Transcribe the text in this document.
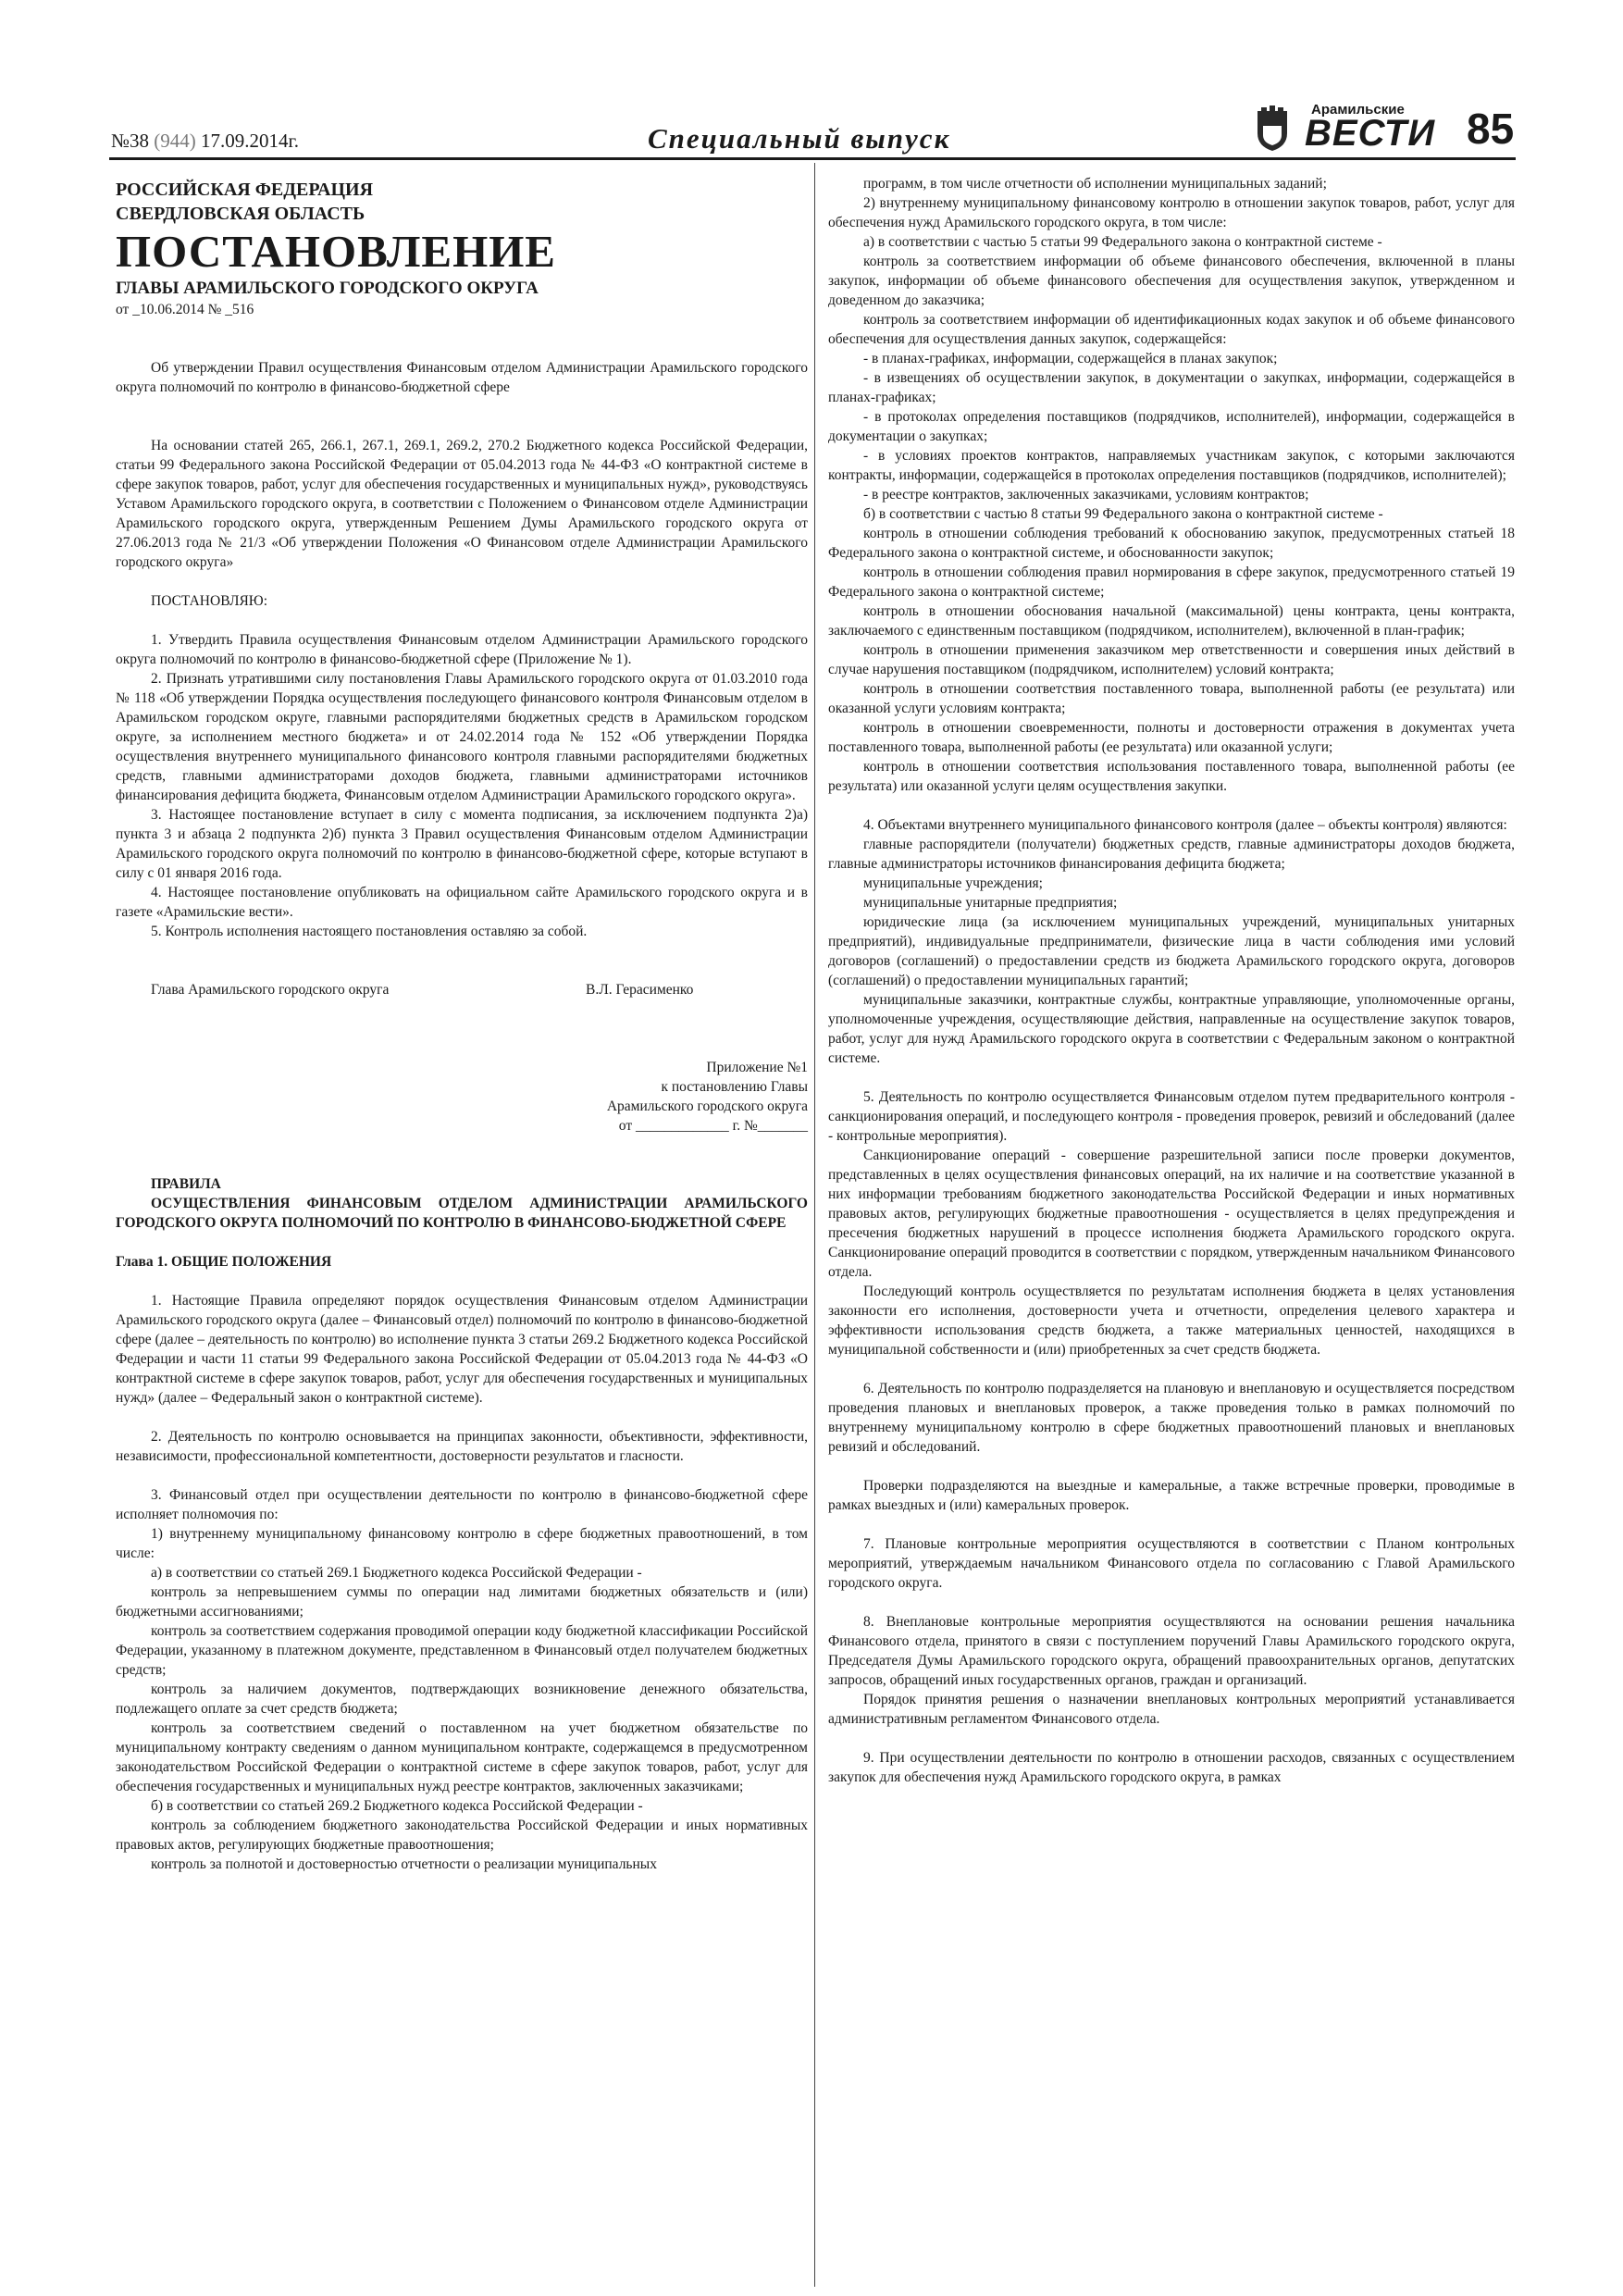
№38 (944) 17.09.2014г.	Специальный выпуск
Арамильские
ВЕСТИ 85

РОССИЙСКАЯ ФЕДЕРАЦИЯ

СВЕРДЛОВСКАЯ ОБЛАСТЬ

ПОСТАНОВЛЕНИЕ

ГЛАВЫ АРАМИЛЬСКОГО ГОРОДСКОГО ОКРУГА

от _10.06.2014 № _516

Об утверждении Правил осуществления Финансовым отделом Администрации Арамильского городского округа полномочий по контролю в финансово-бюджетной сфере

На основании статей 265, 266.1, 267.1, 269.1, 269.2, 270.2 Бюджетного кодекса Российской Федерации, статьи 99 Федерального закона Российской Федерации от 05.04.2013 года № 44-ФЗ «О контрактной системе в сфере закупок товаров, работ, услуг для обеспечения государственных и муниципальных нужд», руководствуясь Уставом Арамильского городского округа, в соответствии с Положением о Финансовом отделе Администрации Арамильского городского округа, утвержденным Решением Думы Арамильского городского округа от 27.06.2013 года № 21/3 «Об утверждении Положения «О Финансовом отделе Администрации Арамильского городского округа»

ПОСТАНОВЛЯЮ:

1. Утвердить Правила осуществления Финансовым отделом Администрации Арамильского городского округа полномочий по контролю в финансово-бюджетной сфере (Приложение № 1).

2. Признать утратившими силу постановления Главы Арамильского городского округа от 01.03.2010 года № 118 «Об утверждении Порядка осуществления последующего финансового контроля Финансовым отделом в Арамильском городском округе, главными распорядителями бюджетных средств в Арамильском городском округе, за исполнением местного бюджета» и от 24.02.2014 года № 152 «Об утверждении Порядка осуществления внутреннего муниципального финансового контроля главными распорядителями бюджетных средств, главными администраторами доходов бюджета, главными администраторами источников финансирования дефицита бюджета, Финансовым отделом Администрации Арамильского городского округа».

3. Настоящее постановление вступает в силу с момента подписания, за исключением подпункта 2)а) пункта 3 и абзаца 2 подпункта 2)б) пункта 3 Правил осуществления Финансовым отделом Администрации Арамильского городского округа полномочий по контролю в финансово-бюджетной сфере, которые вступают в силу с 01 января 2016 года.

4. Настоящее постановление опубликовать на официальном сайте Арамильского городского округа и в газете «Арамильские вести».

5. Контроль исполнения настоящего постановления оставляю за собой.

Глава Арамильского городского округа	В.Л. Герасименко
Приложение №1
к постановлению Главы
Арамильского городского округа
от _____________ г. №_______

ПРАВИЛА

ОСУЩЕСТВЛЕНИЯ ФИНАНСОВЫМ ОТДЕЛОМ АДМИНИСТРАЦИИ АРАМИЛЬСКОГО ГОРОДСКОГО ОКРУГА ПОЛНОМОЧИЙ ПО КОНТРОЛЮ В ФИНАНСОВО-БЮДЖЕТНОЙ СФЕРЕ

Глава 1. ОБЩИЕ ПОЛОЖЕНИЯ

1. Настоящие Правила определяют порядок осуществления Финансовым отделом Администрации Арамильского городского округа (далее – Финансовый отдел) полномочий по контролю в финансово-бюджетной сфере (далее – деятельность по контролю) во исполнение пункта 3 статьи 269.2 Бюджетного кодекса Российской Федерации и части 11 статьи 99 Федерального закона Российской Федерации от 05.04.2013 года № 44-ФЗ «О контрактной системе в сфере закупок товаров, работ, услуг для обеспечения государственных и муниципальных нужд» (далее – Федеральный закон о контрактной системе).

2. Деятельность по контролю основывается на принципах законности, объективности, эффективности, независимости, профессиональной компетентности, достоверности результатов и гласности.

3. Финансовый отдел при осуществлении деятельности по контролю в финансово-бюджетной сфере исполняет полномочия по:

1) внутреннему муниципальному финансовому контролю в сфере бюджетных правоотношений, в том числе:

а) в соответствии со статьей 269.1 Бюджетного кодекса Российской Федерации -

контроль за непревышением суммы по операции над лимитами бюджетных обязательств и (или) бюджетными ассигнованиями;

контроль за соответствием содержания проводимой операции коду бюджетной классификации Российской Федерации, указанному в платежном документе, представленном в Финансовый отдел получателем бюджетных средств;

контроль за наличием документов, подтверждающих возникновение денежного обязательства, подлежащего оплате за счет средств бюджета;

контроль за соответствием сведений о поставленном на учет бюджетном обязательстве по муниципальному контракту сведениям о данном муниципальном контракте, содержащемся в предусмотренном законодательством Российской Федерации о контрактной системе в сфере закупок товаров, работ, услуг для обеспечения государственных и муниципальных нужд реестре контрактов, заключенных заказчиками;

б) в соответствии со статьей 269.2 Бюджетного кодекса Российской Федерации -

контроль за соблюдением бюджетного законодательства Российской Федерации и иных нормативных правовых актов, регулирующих бюджетные правоотношения;

контроль за полнотой и достоверностью отчетности о реализации муниципальных

программ, в том числе отчетности об исполнении муниципальных заданий;

2) внутреннему муниципальному финансовому контролю в отношении закупок товаров, работ, услуг для обеспечения нужд Арамильского городского округа, в том числе:

а) в соответствии с частью 5 статьи 99 Федерального закона о контрактной системе -

контроль за соответствием информации об объеме финансового обеспечения, включенной в планы закупок, информации об объеме финансового обеспечения для осуществления закупок, утвержденном и доведенном до заказчика;

контроль за соответствием информации об идентификационных кодах закупок и об объеме финансового обеспечения для осуществления данных закупок, содержащейся:

- в планах-графиках, информации, содержащейся в планах закупок;

- в извещениях об осуществлении закупок, в документации о закупках, информации, содержащейся в планах-графиках;

- в протоколах определения поставщиков (подрядчиков, исполнителей), информации, содержащейся в документации о закупках;

- в условиях проектов контрактов, направляемых участникам закупок, с которыми заключаются контракты, информации, содержащейся в протоколах определения поставщиков (подрядчиков, исполнителей);

- в реестре контрактов, заключенных заказчиками, условиям контрактов;

б) в соответствии с частью 8 статьи 99 Федерального закона о контрактной системе -

контроль в отношении соблюдения требований к обоснованию закупок, предусмотренных статьей 18 Федерального закона о контрактной системе, и обоснованности закупок;

контроль в отношении соблюдения правил нормирования в сфере закупок, предусмотренного статьей 19 Федерального закона о контрактной системе;

контроль в отношении обоснования начальной (максимальной) цены контракта, цены контракта, заключаемого с единственным поставщиком (подрядчиком, исполнителем), включенной в план-график;

контроль в отношении применения заказчиком мер ответственности и совершения иных действий в случае нарушения поставщиком (подрядчиком, исполнителем) условий контракта;

контроль в отношении соответствия поставленного товара, выполненной работы (ее результата) или оказанной услуги условиям контракта;

контроль в отношении своевременности, полноты и достоверности отражения в документах учета поставленного товара, выполненной работы (ее результата) или оказанной услуги;

контроль в отношении соответствия использования поставленного товара, выполненной работы (ее результата) или оказанной услуги целям осуществления закупки.

4. Объектами внутреннего муниципального финансового контроля (далее – объекты контроля) являются:

главные распорядители (получатели) бюджетных средств, главные администраторы доходов бюджета, главные администраторы источников финансирования дефицита бюджета;

муниципальные учреждения;

муниципальные унитарные предприятия;

юридические лица (за исключением муниципальных учреждений, муниципальных унитарных предприятий), индивидуальные предприниматели, физические лица в части соблюдения ими условий договоров (соглашений) о предоставлении средств из бюджета Арамильского городского округа, договоров (соглашений) о предоставлении муниципальных гарантий;

муниципальные заказчики, контрактные службы, контрактные управляющие, уполномоченные органы, уполномоченные учреждения, осуществляющие действия, направленные на осуществление закупок товаров, работ, услуг для нужд Арамильского городского округа в соответствии с Федеральным законом о контрактной системе.

5. Деятельность по контролю осуществляется Финансовым отделом путем предварительного контроля - санкционирования операций, и последующего контроля - проведения проверок, ревизий и обследований (далее - контрольные мероприятия).

Санкционирование операций - совершение разрешительной записи после проверки документов, представленных в целях осуществления финансовых операций, на их наличие и на соответствие указанной в них информации требованиям бюджетного законодательства Российской Федерации и иных нормативных правовых актов, регулирующих бюджетные правоотношения - осуществляется в целях предупреждения и пресечения бюджетных нарушений в процессе исполнения бюджета Арамильского городского округа. Санкционирование операций проводится в соответствии с порядком, утвержденным начальником Финансового отдела.

Последующий контроль осуществляется по результатам исполнения бюджета в целях установления законности его исполнения, достоверности учета и отчетности, определения целевого характера и эффективности использования средств бюджета, а также материальных ценностей, находящихся в муниципальной собственности и (или) приобретенных за счет средств бюджета.

6. Деятельность по контролю подразделяется на плановую и внеплановую и осуществляется посредством проведения плановых и внеплановых проверок, а также проведения только в рамках полномочий по внутреннему муниципальному контролю в сфере бюджетных правоотношений плановых и внеплановых ревизий и обследований.

Проверки подразделяются на выездные и камеральные, а также встречные проверки, проводимые в рамках выездных и (или) камеральных проверок.

7. Плановые контрольные мероприятия осуществляются в соответствии с Планом контрольных мероприятий, утверждаемым начальником Финансового отдела по согласованию с Главой Арамильского городского округа.

8. Внеплановые контрольные мероприятия осуществляются на основании решения начальника Финансового отдела, принятого в связи с поступлением поручений Главы Арамильского городского округа, Председателя Думы Арамильского городского округа, обращений правоохранительных органов, депутатских запросов, обращений иных государственных органов, граждан и организаций.

Порядок принятия решения о назначении внеплановых контрольных мероприятий устанавливается административным регламентом Финансового отдела.

9. При осуществлении деятельности по контролю в отношении расходов, связанных с осуществлением закупок для обеспечения нужд Арамильского городского округа, в рамках
